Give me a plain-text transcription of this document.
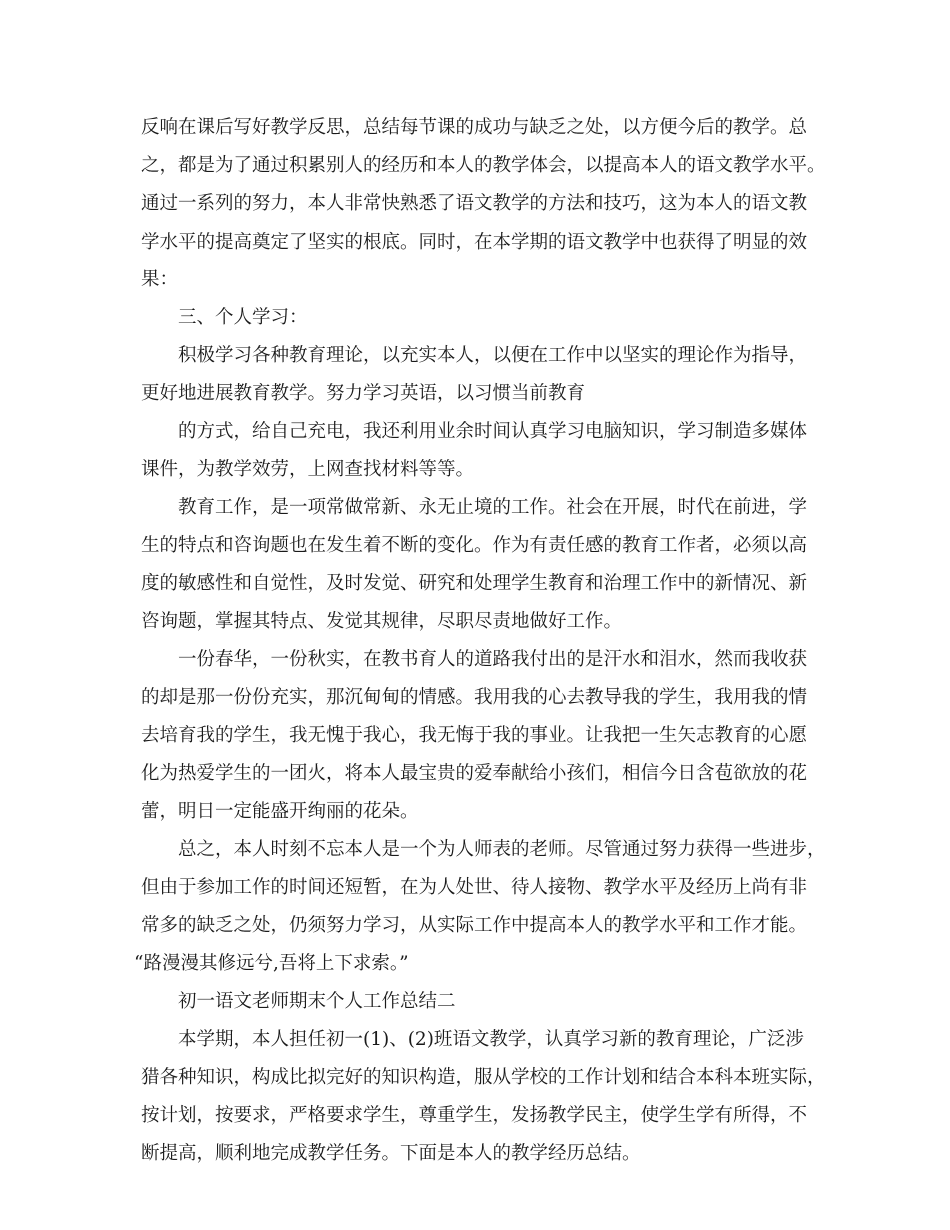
反响在课后写好教学反思，总结每节课的成功与缺乏之处，以方便今后的教学。总
之，都是为了通过积累别人的经历和本人的教学体会，以提高本人的语文教学水平。
通过一系列的努力，本人非常快熟悉了语文教学的方法和技巧，这为本人的语文教
学水平的提高奠定了坚实的根底。同时，在本学期的语文教学中也获得了明显的效
果：
三、个人学习：
积极学习各种教育理论，以充实本人，以便在工作中以坚实的理论作为指导，
更好地进展教育教学。努力学习英语，以习惯当前教育
的方式，给自己充电，我还利用业余时间认真学习电脑知识，学习制造多媒体
课件，为教学效劳，上网查找材料等等。
教育工作，是一项常做常新、永无止境的工作。社会在开展，时代在前进，学
生的特点和咨询题也在发生着不断的变化。作为有责任感的教育工作者，必须以高
度的敏感性和自觉性，及时发觉、研究和处理学生教育和治理工作中的新情况、新
咨询题，掌握其特点、发觉其规律，尽职尽责地做好工作。
一份春华，一份秋实，在教书育人的道路我付出的是汗水和泪水，然而我收获
的却是那一份份充实，那沉甸甸的情感。我用我的心去教导我的学生，我用我的情
去培育我的学生，我无愧于我心，我无悔于我的事业。让我把一生矢志教育的心愿
化为热爱学生的一团火，将本人最宝贵的爱奉献给小孩们，相信今日含苞欲放的花
蕾，明日一定能盛开绚丽的花朵。
总之，本人时刻不忘本人是一个为人师表的老师。尽管通过努力获得一些进步，
但由于参加工作的时间还短暂，在为人处世、待人接物、教学水平及经历上尚有非
常多的缺乏之处，仍须努力学习，从实际工作中提高本人的教学水平和工作才能。
“路漫漫其修远兮,吾将上下求索。”
初一语文老师期末个人工作总结二
本学期，本人担任初一(1)、(2)班语文教学，认真学习新的教育理论，广泛涉
猎各种知识，构成比拟完好的知识构造，服从学校的工作计划和结合本科本班实际，
按计划，按要求，严格要求学生，尊重学生，发扬教学民主，使学生学有所得，不
断提高，顺利地完成教学任务。下面是本人的教学经历总结。
